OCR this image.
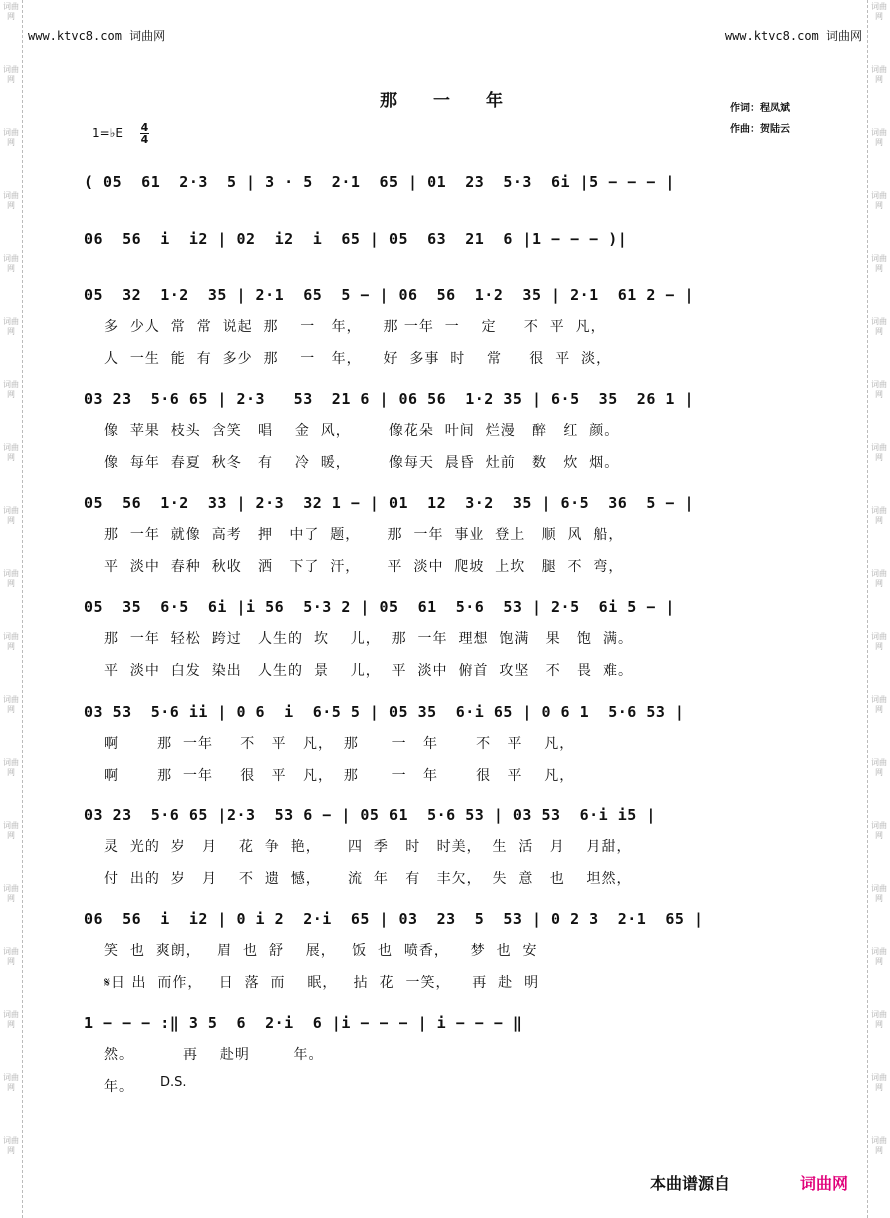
词曲网
词曲网
词曲网
词曲网
词曲网
词曲网
词曲网
词曲网
词曲网
词曲网
词曲网
词曲网
词曲网
词曲网
词曲网
词曲网
词曲网
词曲网
词曲网
词曲网
词曲网
词曲网
词曲网
词曲网
词曲网
词曲网
词曲网
词曲网
词曲网
词曲网
词曲网
词曲网
词曲网
词曲网
词曲网
词曲网
词曲网
词曲网
www.ktvc8.com 词曲网	www.ktvc8.com 词曲网
那一年	作词：程凤斌
作曲：贺陆云
1=♭E 4
4
( 05  61  2·3  5 | 3 · 5  2·1  65 | 01  23  5·3  6i |5 − − − |
06  56  i  i2 | 02  i2  i  65 | 05  63  21  6 |1 − − − )|
05  32  1·2  35 | 2·1  65  5 − | 06  56  1·2  35 | 2·1  61 2 − |
多  少人  常  常  说起  那    一   年，    那 一年  一    定     不  平  凡，
人  一生  能  有  多少  那    一   年，    好  多事  时    常     很  平  淡，
03 23  5·6 65 | 2·3   53  21 6 | 06 56  1·2 35 | 6·5  35  26 1 |
像  苹果  枝头  含笑   唱    金  风，       像花朵  叶间  烂漫   醉   红  颜。
像  每年  春夏  秋冬   有    冷  暖，       像每天  晨昏  灶前   数   炊  烟。
05  56  1·2  33 | 2·3  32 1 − | 01  12  3·2  35 | 6·5  36  5 − |
那  一年  就像  高考   押   中了  题，     那  一年  事业  登上   顺  风  船，
平  淡中  春种  秋收   洒   下了  汗，     平  淡中  爬坡  上坎   腿  不  弯，
05  35  6·5  6i |i 56  5·3 2 | 05  61  5·6  53 | 2·5  6i 5 − |
那  一年  轻松  跨过   人生的  坎    儿，  那  一年  理想  饱满   果   饱  满。
平  淡中  白发  染出   人生的  景    儿，  平  淡中  俯首  攻坚   不   畏  难。
03 53  5·6 ii | 0 6  i  6·5 5 | 05 35  6·i 65 | 0 6 1  5·6 53 |
啊       那  一年     不   平   凡，  那      一   年       不   平    凡，
啊       那  一年     很   平   凡，  那      一   年       很   平    凡，
03 23  5·6 65 |2·3  53 6 − | 05 61  5·6 53 | 03 53  6·i i5 |
灵  光的  岁   月    花  争  艳，     四  季   时   时美，  生  活   月    月甜，
付  出的  岁   月    不  遗  憾，     流  年   有   丰欠，  失  意   也    坦然，
06  56  i  i2 | 0 i 2  2·i  65 | 03  23  5  53 | 0 2 3  2·1  65 |
笑  也  爽朗，   眉  也  舒    展，   饭  也  喷香，    梦  也  安
𝄋日 出  而作，   日  落  而    眠，   拈  花  一笑，    再  赴  明
1 − − − :‖ 3 5  6  2·i  6 |i − − − | i − − − ‖
然。         再    赴明        年。
年。 D.S.
本曲谱源自	词曲网
